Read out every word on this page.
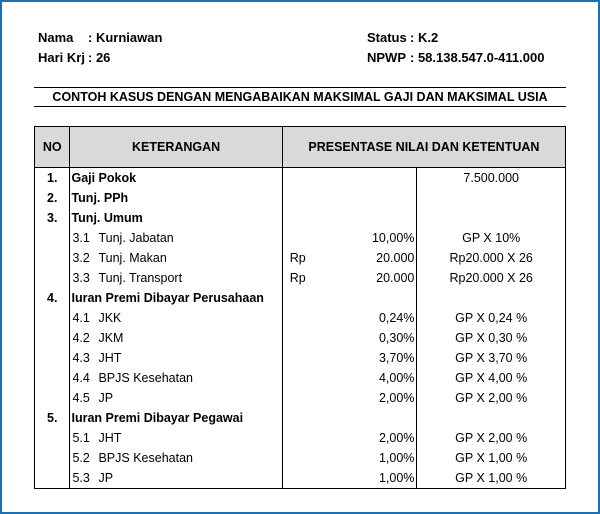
Nama : Kurniawan
Hari Krj : 26
Status : K.2
NPWP : 58.138.547.0-411.000
CONTOH KASUS DENGAN MENGABAIKAN MAKSIMAL GAJI DAN MAKSIMAL USIA
NO	KETERANGAN	PRESENTASE NILAI DAN KETENTUAN	
1.	Gaji Pokok		7.500.000
2.	Tunj. PPh	

3.	Tunj. Umum	

	3.1 Tunj. Jabatan	10,00%	GP X 10%
	3.2 Tunj. Makan	Rp 20.000	Rp20.000 X 26
	3.3 Tunj. Transport	Rp 20.000	Rp20.000 X 26
4.	Iuran Premi Dibayar Perusahaan	

	4.1 JKK	0,24%	GP X 0,24 %
	4.2 JKM	0,30%	GP X 0,30 %
	4.3 JHT	3,70%	GP X 3,70 %
	4.4 BPJS Kesehatan	4,00%	GP X 4,00 %
	4.5 JP	2,00%	GP X 2,00 %
5.	Iuran Premi Dibayar Pegawai	

	5.1 JHT	2,00%	GP X 2,00 %
	5.2 BPJS Kesehatan	1,00%	GP X 1,00 %
	5.3 JP	1,00%	GP X 1,00 %
